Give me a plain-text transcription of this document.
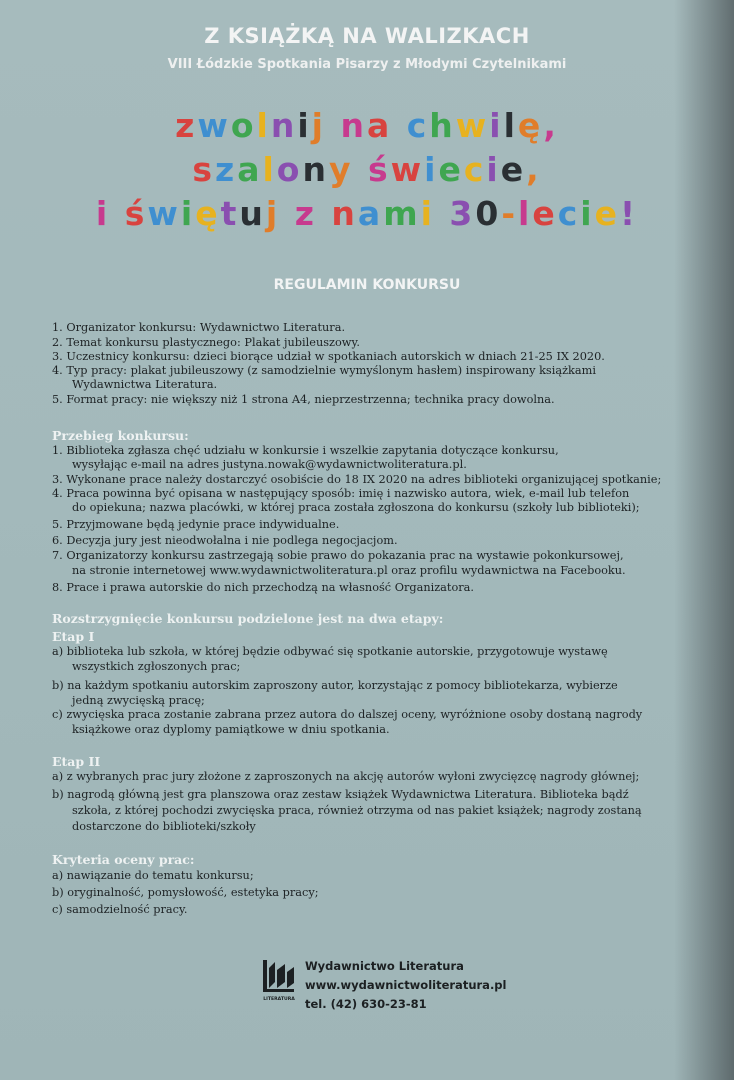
Z KSIĄŻKĄ NA WALIZKACH
VIII Łódzkie Spotkania Pisarzy z Młodymi Czytelnikami
zwolnij na chwilę,
szalony świecie,
i świętuj z nami 30-lecie!
REGULAMIN KONKURSU
1. Organizator konkursu: Wydawnictwo Literatura.
2. Temat konkursu plastycznego: Plakat jubileuszowy.
3. Uczestnicy konkursu: dzieci biorące udział w spotkaniach autorskich w dniach 21-25 IX 2020.
4. Typ pracy: plakat jubileuszowy (z samodzielnie wymyślonym hasłem) inspirowany książkami
Wydawnictwa Literatura.
5. Format pracy: nie większy niż 1 strona A4, nieprzestrzenna; technika pracy dowolna.
Przebieg konkursu:
1. Biblioteka zgłasza chęć udziału w konkursie i wszelkie zapytania dotyczące konkursu,
wysyłając e-mail na adres justyna.nowak@wydawnictwoliteratura.pl.
3. Wykonane prace należy dostarczyć osobiście do 18 IX 2020 na adres biblioteki organizującej spotkanie;
4. Praca powinna być opisana w następujący sposób: imię i nazwisko autora, wiek, e-mail lub telefon
do opiekuna; nazwa placówki, w której praca została zgłoszona do konkursu (szkoły lub biblioteki);
5. Przyjmowane będą jedynie prace indywidualne.
6. Decyzja jury jest nieodwołalna i nie podlega negocjacjom.
7. Organizatorzy konkursu zastrzegają sobie prawo do pokazania prac na wystawie pokonkursowej,
na stronie internetowej www.wydawnictwoliteratura.pl oraz profilu wydawnictwa na Facebooku.
8. Prace i prawa autorskie do nich przechodzą na własność Organizatora.
Rozstrzygnięcie konkursu podzielone jest na dwa etapy:
Etap I
a) biblioteka lub szkoła, w której będzie odbywać się spotkanie autorskie, przygotowuje wystawę
wszystkich zgłoszonych prac;
b) na każdym spotkaniu autorskim zaproszony autor, korzystając z pomocy bibliotekarza, wybierze
jedną zwycięską pracę;
c) zwycięska praca zostanie zabrana przez autora do dalszej oceny, wyróżnione osoby dostaną nagrody
książkowe oraz dyplomy pamiątkowe w dniu spotkania.
Etap II
a) z wybranych prac jury złożone z zaproszonych na akcję autorów wyłoni zwycięzcę nagrody głównej;
b) nagrodą główną jest gra planszowa oraz zestaw książek Wydawnictwa Literatura. Biblioteka bądź
szkoła, z której pochodzi zwycięska praca, również otrzyma od nas pakiet książek; nagrody zostaną
dostarczone do biblioteki/szkoły
Kryteria oceny prac:
a) nawiązanie do tematu konkursu;
b) oryginalność, pomysłowość, estetyka pracy;
c) samodzielność pracy.
LITERATURA
Wydawnictwo Literatura
www.wydawnictwoliteratura.pl
tel. (42) 630-23-81
